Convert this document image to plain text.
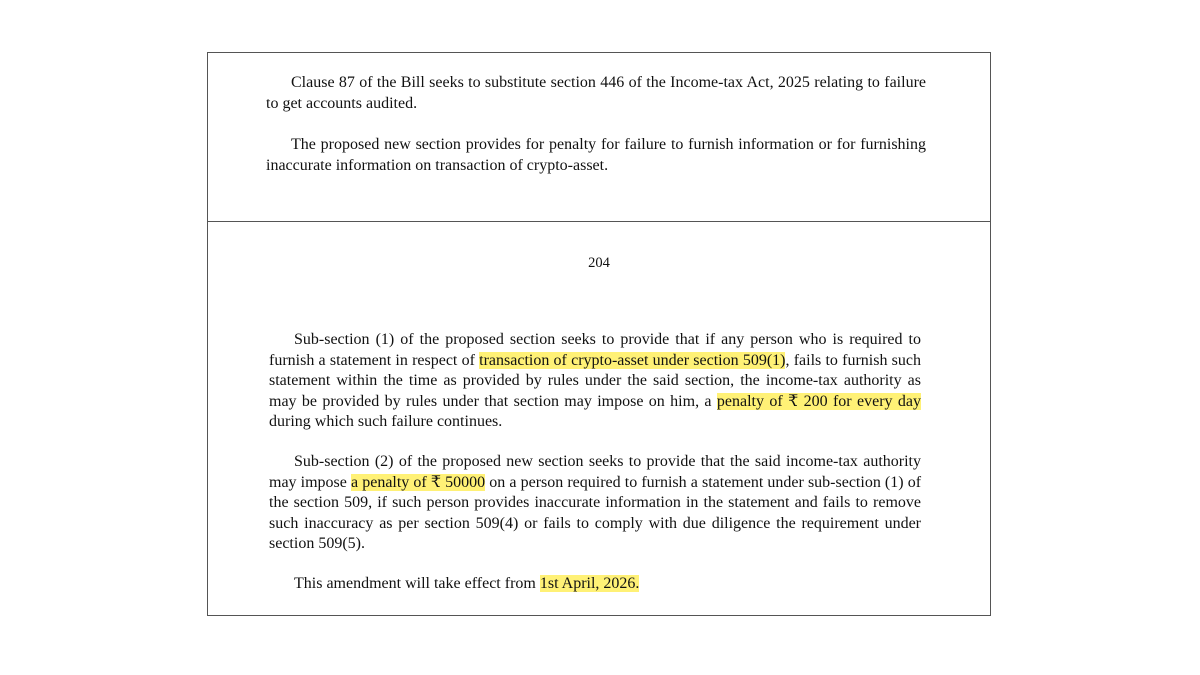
Clause 87 of the Bill seeks to substitute section 446 of the Income-tax Act, 2025 relating to failure to get accounts audited.

The proposed new section provides for penalty for failure to furnish information or for furnishing inaccurate information on transaction of crypto-asset.

204

Sub-section (1) of the proposed section seeks to provide that if any person who is required to furnish a statement in respect of transaction of crypto-asset under section 509(1), fails to furnish such statement within the time as provided by rules under the said section, the income-tax authority as may be provided by rules under that section may impose on him, a penalty of ₹ 200 for every day during which such failure continues.

Sub-section (2) of the proposed new section seeks to provide that the said income-tax authority may impose a penalty of ₹ 50000 on a person required to furnish a statement under sub-section (1) of the section 509, if such person provides inaccurate information in the statement and fails to remove such inaccuracy as per section 509(4) or fails to comply with due diligence the requirement under section 509(5).

This amendment will take effect from 1st April, 2026.
